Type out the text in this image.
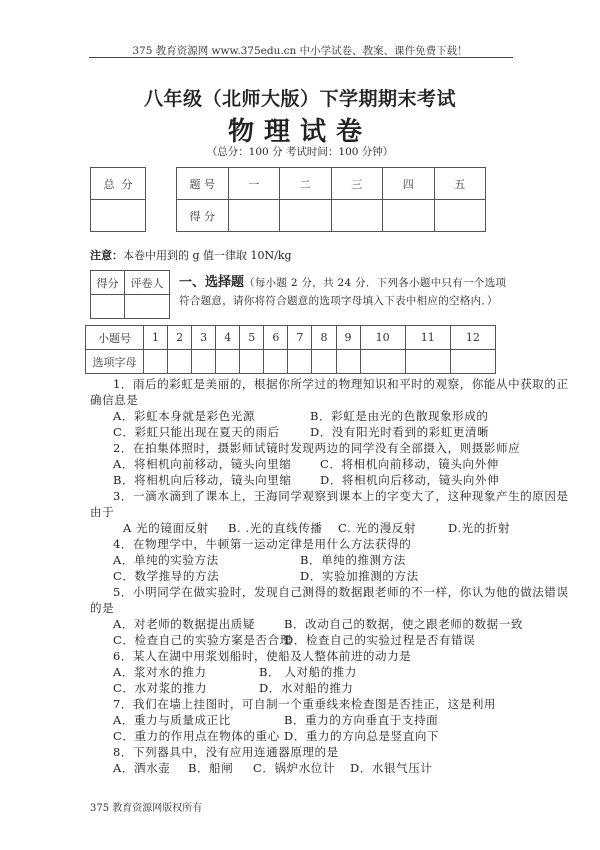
375 教育资源网 www.375edu.cn 中小学试卷、教案、课件免费下载！
八年级（北师大版）下学期期末考试
物理试卷
（总分：100 分 考试时间：100 分钟）
总  分	题 号	一	二	三	四	五
得 分					
注意：本卷中用到的 g 值一律取 10N/kg
得分	评卷人
	一、选择题（每小题 2 分，共 24 分．下列各小题中只有一个选项符合题意，请你将符合题意的选项字母填入下表中相应的空格内．）
小题号	1	2	3	4	5	6	7	8	9	10	11	12
选项字母												
1．雨后的彩虹是美丽的，根据你所学过的物理知识和平时的观察，你能从中获取的正
确信息是
A．彩虹本身就是彩色光源	B．彩虹是由光的色散现象形成的
C．彩虹只能出现在夏天的雨后	D．没有阳光时看到的彩虹更清晰
2．在拍集体照时，摄影师试镜时发现两边的同学没有全部摄入，则摄影师应
A．将相机向前移动，镜头向里缩 C．将相机向前移动，镜头向外伸
B．将相机向后移动，镜头向里缩 D．将相机向后移动，镜头向外伸
3．一滴水滴到了课本上，王海同学观察到课本上的字变大了，这种现象产生的原因是
由于
A 光的镜面反射 B. .光的直线传播 C. 光的漫反射	D.光的折射
4．在物理学中，牛顿第一运动定律是用什么方法获得的
A．单纯的实验方法	B．单纯的推测方法
C．数学推导的方法	D．实验加推测的方法
5．小明同学在做实验时，发现自己测得的数据跟老师的不一样，你认为他的做法错误
的是
A．对老师的数据提出质疑	B．改动自己的数据，使之跟老师的数据一致
C．检查自己的实验方案是否合理
D．检查自己的实验过程是否有错误
6．某人在湖中用浆划船时，使船及人整体前进的动力是
A．浆对水的推力	B． 人对船的推力
C．水对浆的推力	D．水对船的推力
7．我们在墙上挂图时，可自制一个重垂线来检查图是否挂正，这是利用
A．重力与质量成正比	B．重力的方向垂直于支持面
C．重力的作用点在物体的重心 D．重力的方向总是竖直向下
8．下列器具中，没有应用连通器原理的是
A．洒水壶 B．船闸 C．锅炉水位计 D．水银气压计
375 教育资源网版权所有
